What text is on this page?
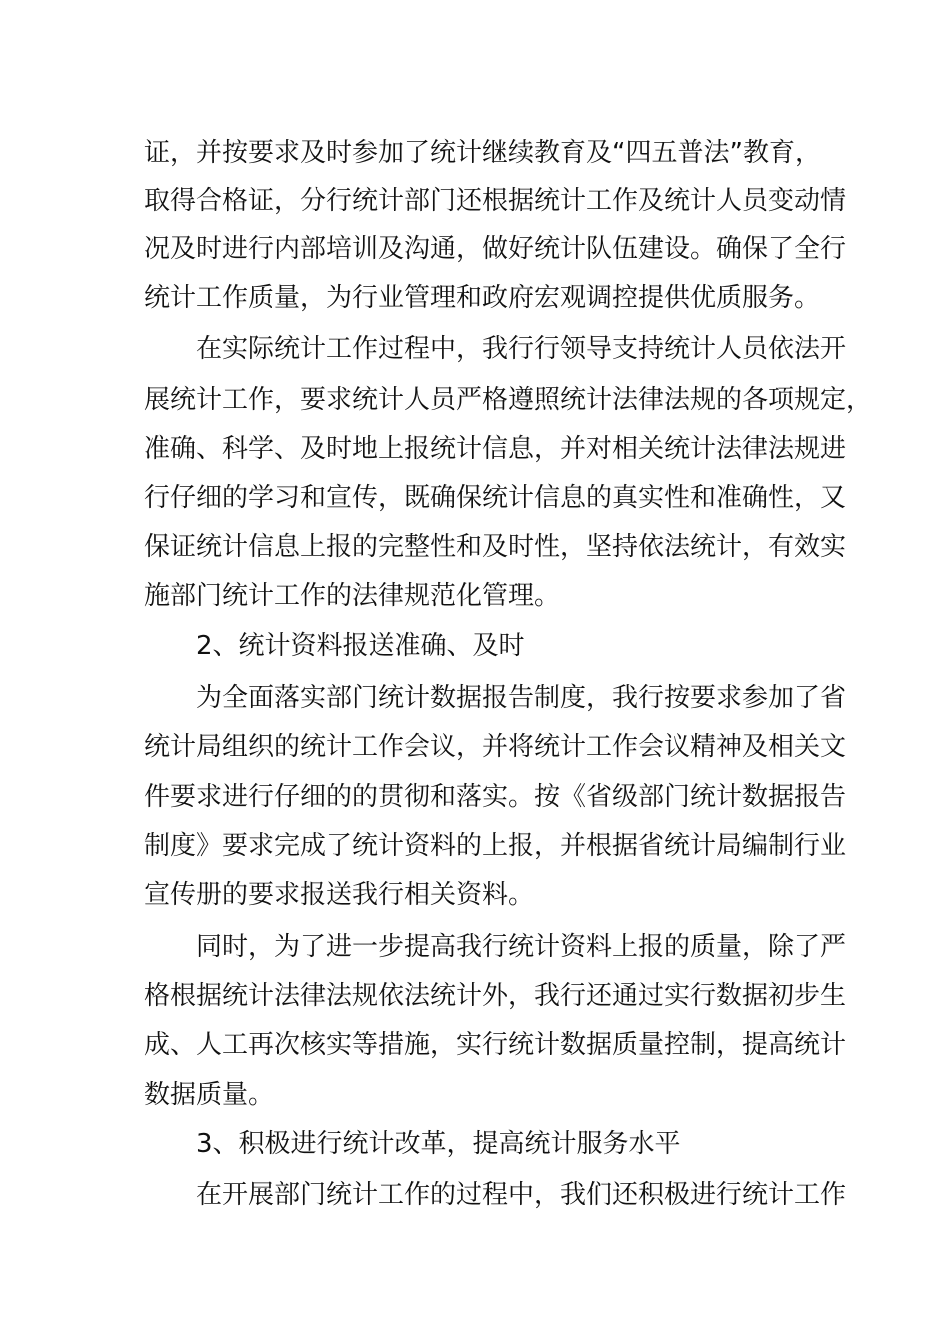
证，并按要求及时参加了统计继续教育及“四五普法”教育，
取得合格证，分行统计部门还根据统计工作及统计人员变动情
况及时进行内部培训及沟通，做好统计队伍建设。确保了全行
统计工作质量，为行业管理和政府宏观调控提供优质服务。
在实际统计工作过程中，我行行领导支持统计人员依法开
展统计工作，要求统计人员严格遵照统计法律法规的各项规定，
准确、科学、及时地上报统计信息，并对相关统计法律法规进
行仔细的学习和宣传，既确保统计信息的真实性和准确性，又
保证统计信息上报的完整性和及时性，坚持依法统计，有效实
施部门统计工作的法律规范化管理。
2、统计资料报送准确、及时
为全面落实部门统计数据报告制度，我行按要求参加了省
统计局组织的统计工作会议，并将统计工作会议精神及相关文
件要求进行仔细的的贯彻和落实。按《省级部门统计数据报告
制度》要求完成了统计资料的上报，并根据省统计局编制行业
宣传册的要求报送我行相关资料。
同时，为了进一步提高我行统计资料上报的质量，除了严
格根据统计法律法规依法统计外，我行还通过实行数据初步生
成、人工再次核实等措施，实行统计数据质量控制，提高统计
数据质量。
3、积极进行统计改革，提高统计服务水平
在开展部门统计工作的过程中，我们还积极进行统计工作
